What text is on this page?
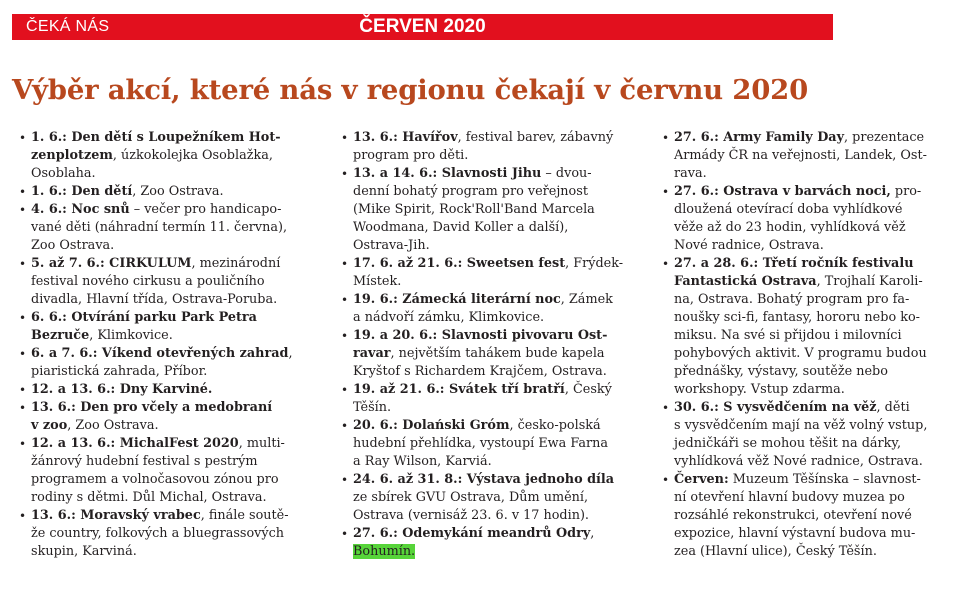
ČEKÁ NÁS	ČERVEN 2020
Výběr akcí, které nás v regionu čekají v červnu 2020
• 1. 6.: Den dětí s Loupežníkem Hot-
zenplotzem, úzkokolejka Osoblažka,
Osoblaha.
• 1. 6.: Den dětí, Zoo Ostrava.
• 4. 6.: Noc snů – večer pro handicapo-
vané děti (náhradní termín 11. června),
Zoo Ostrava.
• 5. až 7. 6.: CIRKULUM, mezinárodní
festival nového cirkusu a pouličního
divadla, Hlavní třída, Ostrava-Poruba.
• 6. 6.: Otvírání parku Park Petra
Bezruče, Klimkovice.
• 6. a 7. 6.: Víkend otevřených zahrad,
piaristická zahrada, Příbor.
• 12. a 13. 6.: Dny Karviné.
• 13. 6.: Den pro včely a medobraní
v zoo, Zoo Ostrava.
• 12. a 13. 6.: MichalFest 2020, multi-
žánrový hudební festival s pestrým
programem a volnočasovou zónou pro
rodiny s dětmi. Důl Michal, Ostrava.
• 13. 6.: Moravský vrabec, finále soutě-
že country, folkových a bluegrassových
skupin, Karviná.
• 13. 6.: Havířov, festival barev, zábavný
program pro děti.
• 13. a 14. 6.: Slavnosti Jihu – dvou-
denní bohatý program pro veřejnost
(Mike Spirit, Rock'Roll'Band Marcela
Woodmana, David Koller a další),
Ostrava-Jih.
• 17. 6. až 21. 6.: Sweetsen fest, Frýdek-
Místek.
• 19. 6.: Zámecká literární noc, Zámek
a nádvoří zámku, Klimkovice.
• 19. a 20. 6.: Slavnosti pivovaru Ost-
ravar, největším tahákem bude kapela
Kryštof s Richardem Krajčem, Ostrava.
• 19. až 21. 6.: Svátek tří bratří, Český
Těšín.
• 20. 6.: Dolański Gróm, česko-polská
hudební přehlídka, vystoupí Ewa Farna
a Ray Wilson, Karviá.
• 24. 6. až 31. 8.: Výstava jednoho díla
ze sbírek GVU Ostrava, Dům umění,
Ostrava (vernisáž 23. 6. v 17 hodin).
• 27. 6.: Odemykání meandrů Odry,
Bohumín.
• 27. 6.: Army Family Day, prezentace
Armády ČR na veřejnosti, Landek, Ost-
rava.
• 27. 6.: Ostrava v barvách noci, pro-
dloužená otevírací doba vyhlídkové
věže až do 23 hodin, vyhlídková věž
Nové radnice, Ostrava.
• 27. a 28. 6.: Třetí ročník festivalu
Fantastická Ostrava, Trojhalí Karoli-
na, Ostrava. Bohatý program pro fa-
noušky sci-fi, fantasy, hororu nebo ko-
miksu. Na své si přijdou i milovníci
pohybových aktivit. V programu budou
přednášky, výstavy, soutěže nebo
workshopy. Vstup zdarma.
• 30. 6.: S vysvědčením na věž, děti
s vysvědčením mají na věž volný vstup,
jedničkáři se mohou těšit na dárky,
vyhlídková věž Nové radnice, Ostrava.
• Červen: Muzeum Těšínska – slavnost-
ní otevření hlavní budovy muzea po
rozsáhlé rekonstrukci, otevření nové
expozice, hlavní výstavní budova mu-
zea (Hlavní ulice), Český Těšín.
